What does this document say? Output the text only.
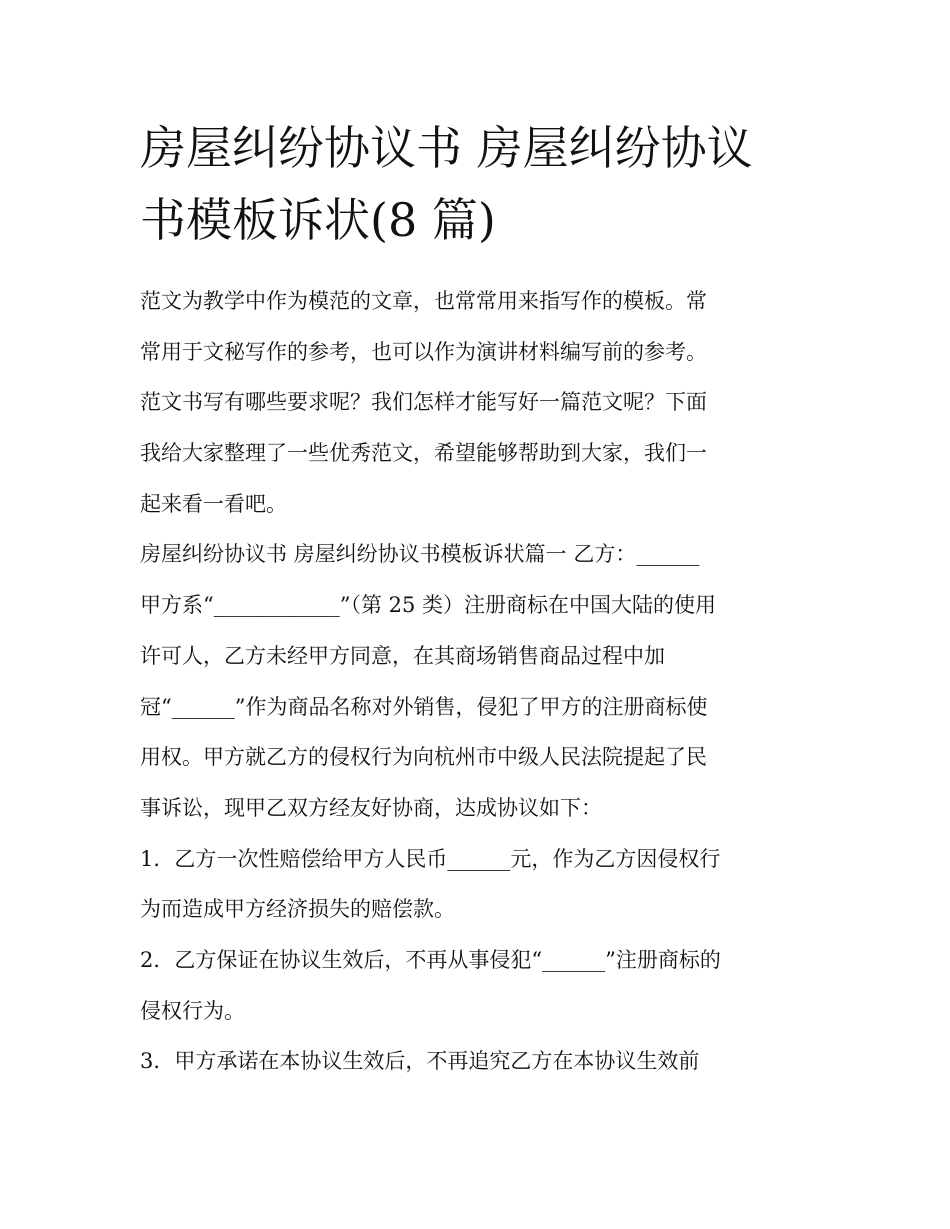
房屋纠纷协议书 房屋纠纷协议
书模板诉状(8 篇)
范文为教学中作为模范的文章，也常常用来指写作的模板。常
常用于文秘写作的参考，也可以作为演讲材料编写前的参考。
范文书写有哪些要求呢？我们怎样才能写好一篇范文呢？下面
我给大家整理了一些优秀范文，希望能够帮助到大家，我们一
起来看一看吧。
房屋纠纷协议书 房屋纠纷协议书模板诉状篇一 乙方：______
甲方系“____________”（第 25 类）注册商标在中国大陆的使用
许可人，乙方未经甲方同意，在其商场销售商品过程中加
冠“______”作为商品名称对外销售，侵犯了甲方的注册商标使
用权。甲方就乙方的侵权行为向杭州市中级人民法院提起了民
事诉讼，现甲乙双方经友好协商，达成协议如下：
1．乙方一次性赔偿给甲方人民币______元，作为乙方因侵权行
为而造成甲方经济损失的赔偿款。
2．乙方保证在协议生效后，不再从事侵犯“______”注册商标的
侵权行为。
3．甲方承诺在本协议生效后，不再追究乙方在本协议生效前
